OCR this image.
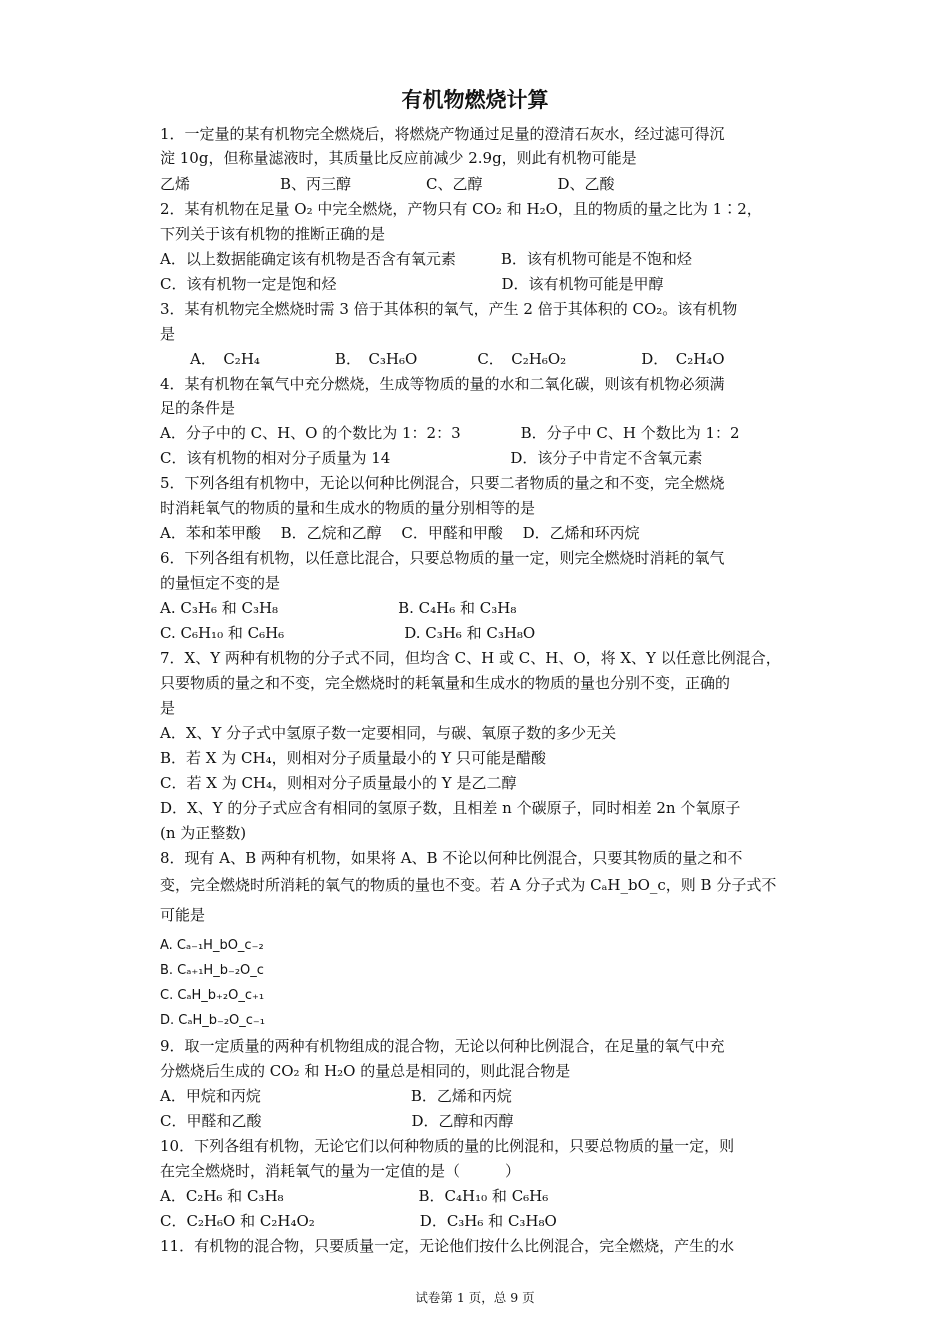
有机物燃烧计算
1．一定量的某有机物完全燃烧后，将燃烧产物通过足量的澄清石灰水，经过滤可得沉
淀 10g，但称量滤液时，其质量比反应前减少 2.9g，则此有机物可能是
乙烯　　　　　　B、丙三醇　　　　　C、乙醇　　　　　D、乙酸
2．某有机物在足量 O₂ 中完全燃烧，产物只有 CO₂ 和 H₂O，且的物质的量之比为 1∶2，
下列关于该有机物的推断正确的是
A．以上数据能确定该有机物是否含有氧元素　　　B．该有机物可能是不饱和烃
C．该有机物一定是饱和烃　　　　　　　　　　　D．该有机物可能是甲醇
3．某有机物完全燃烧时需 3 倍于其体积的氧气，产生 2 倍于其体积的 CO₂。该有机物
是
　　A．　C₂H₄　　　　　B．　C₃H₆O　　　　C．　C₂H₆O₂　　　　　D．　C₂H₄O
4．某有机物在氧气中充分燃烧，生成等物质的量的水和二氧化碳，则该有机物必须满
足的条件是
A．分子中的 C、H、O 的个数比为 1：2：3　　　　B．分子中 C、H 个数比为 1：2
C．该有机物的相对分子质量为 14　　　　　　　　D．该分子中肯定不含氧元素
5．下列各组有机物中，无论以何种比例混合，只要二者物质的量之和不变，完全燃烧
时消耗氧气的物质的量和生成水的物质的量分别相等的是
A．苯和苯甲酸　 B．乙烷和乙醇　 C．甲醛和甲酸　 D．乙烯和环丙烷
6．下列各组有机物，以任意比混合，只要总物质的量一定，则完全燃烧时消耗的氧气
的量恒定不变的是
A. C₃H₆ 和 C₃H₈　　　　　　　　B. C₄H₆ 和 C₃H₈
C. C₆H₁₀ 和 C₆H₆　　　　　　　　D. C₃H₆ 和 C₃H₈O
7．X、Y 两种有机物的分子式不同，但均含 C、H 或 C、H、O，将 X、Y 以任意比例混合，
只要物质的量之和不变，完全燃烧时的耗氧量和生成水的物质的量也分别不变，正确的
是
A．X、Y 分子式中氢原子数一定要相同，与碳、氧原子数的多少无关
B．若 X 为 CH₄，则相对分子质量最小的 Y 只可能是醋酸
C．若 X 为 CH₄，则相对分子质量最小的 Y 是乙二醇
D．X、Y 的分子式应含有相同的氢原子数，且相差 n 个碳原子，同时相差 2n 个氧原子
(n 为正整数)
8．现有 A、B 两种有机物，如果将 A、B 不论以何种比例混合，只要其物质的量之和不
变，完全燃烧时所消耗的氧气的物质的量也不变。若 A 分子式为 CₐH_bO_c，则 B 分子式不
可能是
A. Cₐ₋₁H_bO_c₋₂
B. Cₐ₊₁H_b₋₂O_c
C. CₐH_b₊₂O_c₊₁
D. CₐH_b₋₂O_c₋₁
9．取一定质量的两种有机物组成的混合物，无论以何种比例混合，在足量的氧气中充
分燃烧后生成的 CO₂ 和 H₂O 的量总是相同的，则此混合物是
A．甲烷和丙烷　　　　　　　　　　B．乙烯和丙烷
C．甲醛和乙酸　　　　　　　　　　D．乙醇和丙醇
10．下列各组有机物，无论它们以何种物质的量的比例混和，只要总物质的量一定，则
在完全燃烧时，消耗氧气的量为一定值的是（　　　）
A．C₂H₆ 和 C₃H₈　　　　　　　　　B．C₄H₁₀ 和 C₆H₆
C．C₂H₆O 和 C₂H₄O₂　　　　　　　D．C₃H₆ 和 C₃H₈O
11．有机物的混合物，只要质量一定，无论他们按什么比例混合，完全燃烧，产生的水
试卷第 1 页，总 9 页
